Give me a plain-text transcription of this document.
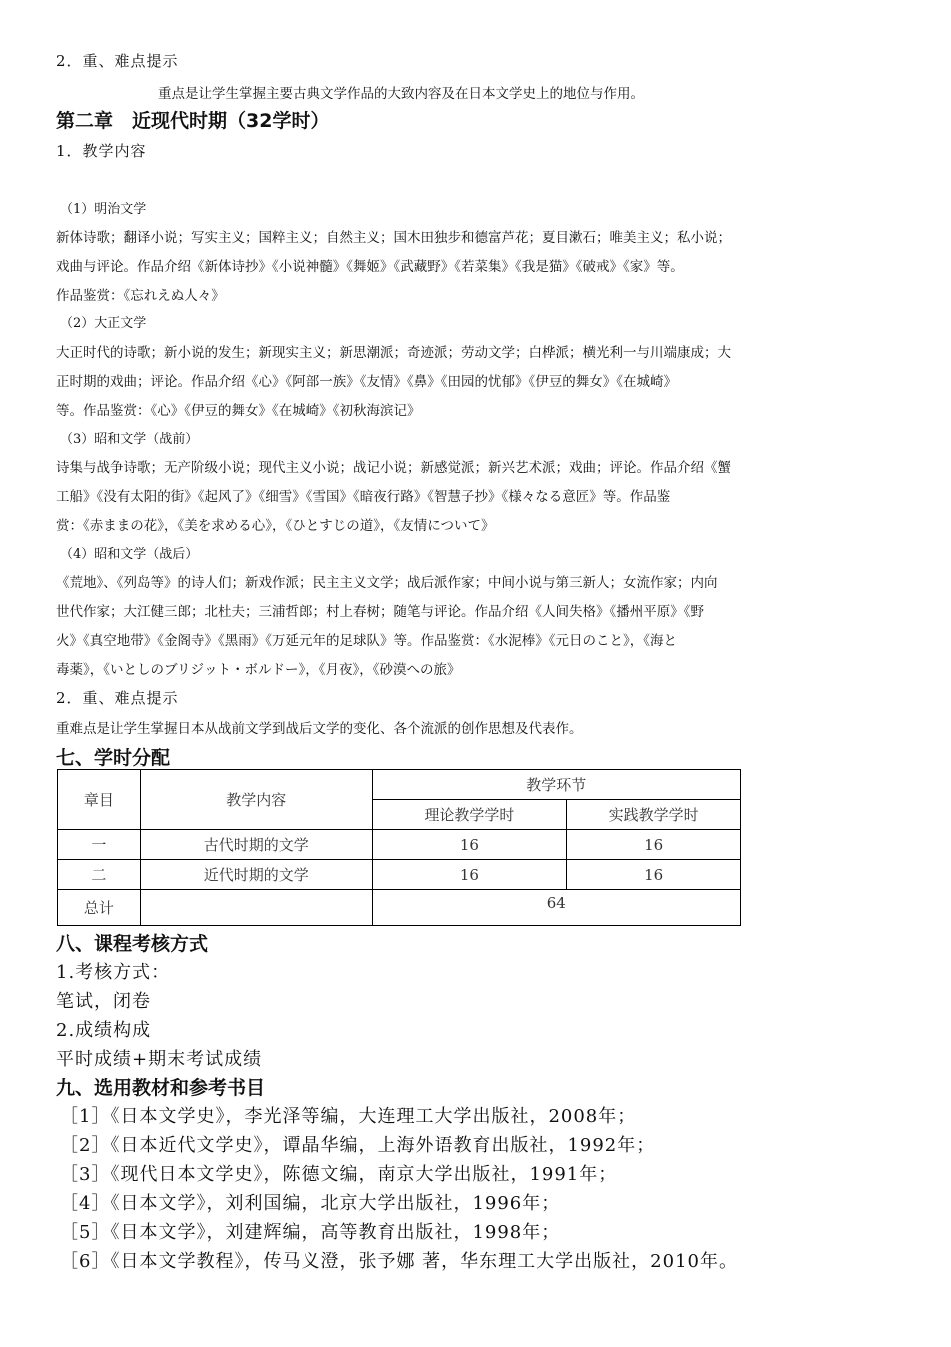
2．重、难点提示
重点是让学生掌握主要古典文学作品的大致内容及在日本文学史上的地位与作用。
第二章　近现代时期（32学时）
1．教学内容
（1）明治文学
新体诗歌；翻译小说；写实主义；国粹主义；自然主义；国木田独步和德富芦花；夏目漱石；唯美主义；私小说；
戏曲与评论。作品介绍《新体诗抄》《小说神髓》《舞姬》《武藏野》《若菜集》《我是猫》《破戒》《家》等。
作品鉴赏：《忘れえぬ人々》
（2）大正文学
大正时代的诗歌；新小说的发生；新现实主义；新思潮派；奇迹派；劳动文学；白桦派；横光利一与川端康成；大
正时期的戏曲；评论。作品介绍《心》《阿部一族》《友情》《鼻》《田园的忧郁》《伊豆的舞女》《在城崎》
等。作品鉴赏：《心》《伊豆的舞女》《在城崎》《初秋海滨记》
（3）昭和文学（战前）
诗集与战争诗歌；无产阶级小说；现代主义小说；战记小说；新感觉派；新兴艺术派；戏曲；评论。作品介绍《蟹
工船》《没有太阳的街》《起风了》《细雪》《雪国》《暗夜行路》《智慧子抄》《様々なる意匠》等。作品鉴
赏：《赤ままの花》，《美を求める心》，《ひとすじの道》，《友情について》
（4）昭和文学（战后）
《荒地》、《列岛等》的诗人们；新戏作派；民主主义文学；战后派作家；中间小说与第三新人；女流作家；内向
世代作家；大江健三郎；北杜夫；三浦哲郎；村上春树；随笔与评论。作品介绍《人间失格》《播州平原》《野
火》《真空地带》《金阁寺》《黑雨》《万延元年的足球队》等。作品鉴赏：《水泥棒》《元日のこと》，《海と
毒薬》，《いとしのブリジット・ボルドー》，《月夜》，《砂漠への旅》
2．重、难点提示
重难点是让学生掌握日本从战前文学到战后文学的变化、各个流派的创作思想及代表作。
七、学时分配
章目	教学内容	教学环节	
		理论教学学时	实践教学学时
一	古代时期的文学	16	16
二	近代时期的文学	16	16
总计		64	
八、课程考核方式
1.考核方式：
笔试，闭卷
2.成绩构成
平时成绩+期末考试成绩
九、选用教材和参考书目
［1］《日本文学史》，李光泽等编，大连理工大学出版社，2008年；
［2］《日本近代文学史》，谭晶华编，上海外语教育出版社，1992年；
［3］《现代日本文学史》，陈德文编，南京大学出版社，1991年；
［4］《日本文学》，刘利国编，北京大学出版社，1996年；
［5］《日本文学》，刘建辉编，高等教育出版社，1998年；
［6］《日本文学教程》，传马义澄，张予娜 著，华东理工大学出版社，2010年。
